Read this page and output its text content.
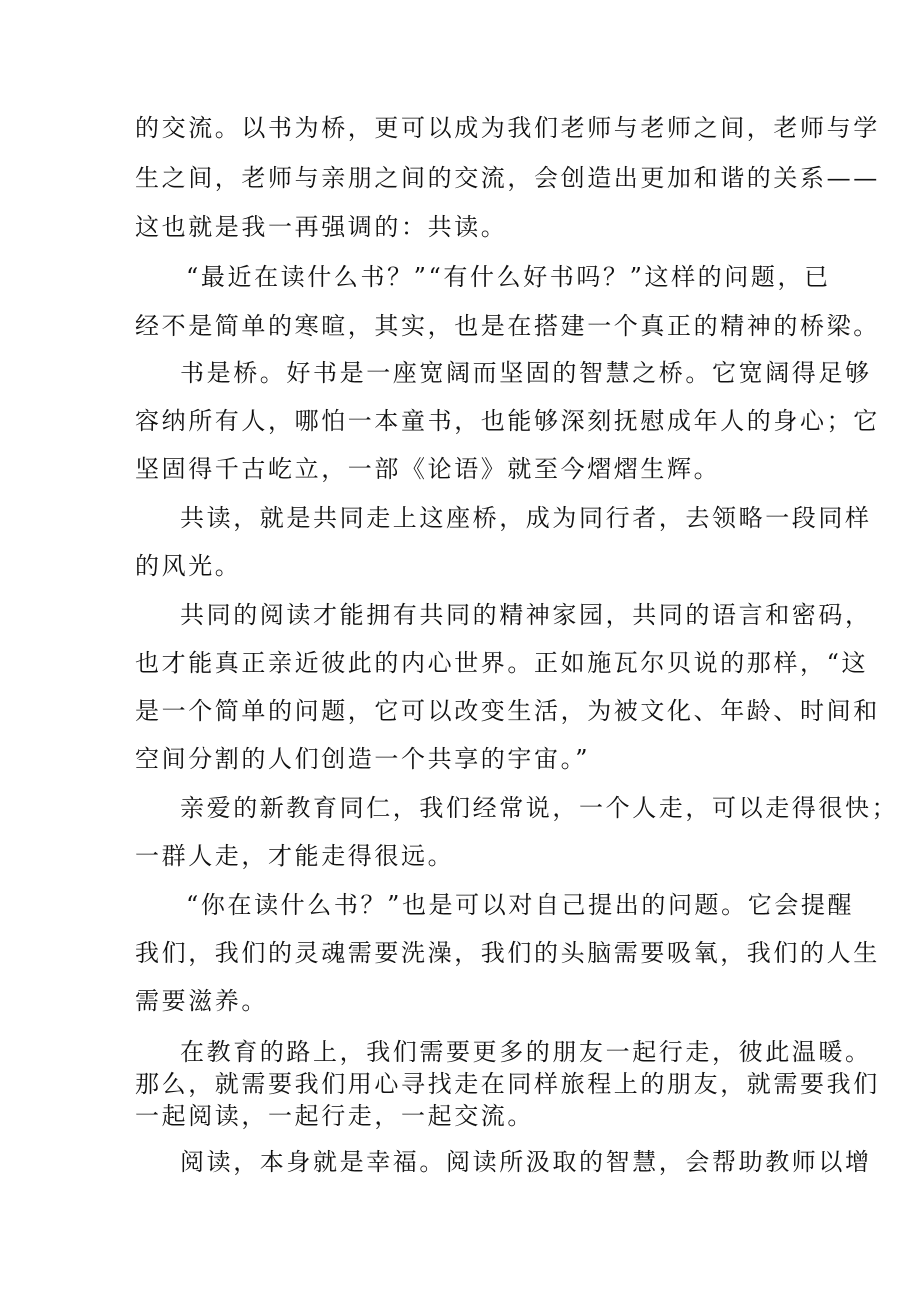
的交流。以书为桥，更可以成为我们老师与老师之间，老师与学
生之间，老师与亲朋之间的交流，会创造出更加和谐的关系——
这也就是我一再强调的：共读。
“最近在读什么书？”“有什么好书吗？”这样的问题，已
经不是简单的寒暄，其实，也是在搭建一个真正的精神的桥梁。
书是桥。好书是一座宽阔而坚固的智慧之桥。它宽阔得足够
容纳所有人，哪怕一本童书，也能够深刻抚慰成年人的身心；它
坚固得千古屹立，一部《论语》就至今熠熠生辉。
共读，就是共同走上这座桥，成为同行者，去领略一段同样
的风光。
共同的阅读才能拥有共同的精神家园，共同的语言和密码，
也才能真正亲近彼此的内心世界。正如施瓦尔贝说的那样，“这
是一个简单的问题，它可以改变生活，为被文化、年龄、时间和
空间分割的人们创造一个共享的宇宙。”
亲爱的新教育同仁，我们经常说，一个人走，可以走得很快；
一群人走，才能走得很远。
“你在读什么书？”也是可以对自己提出的问题。它会提醒
我们，我们的灵魂需要洗澡，我们的头脑需要吸氧，我们的人生
需要滋养。
在教育的路上，我们需要更多的朋友一起行走，彼此温暖。
那么，就需要我们用心寻找走在同样旅程上的朋友，就需要我们
一起阅读，一起行走，一起交流。
阅读，本身就是幸福。阅读所汲取的智慧，会帮助教师以增
